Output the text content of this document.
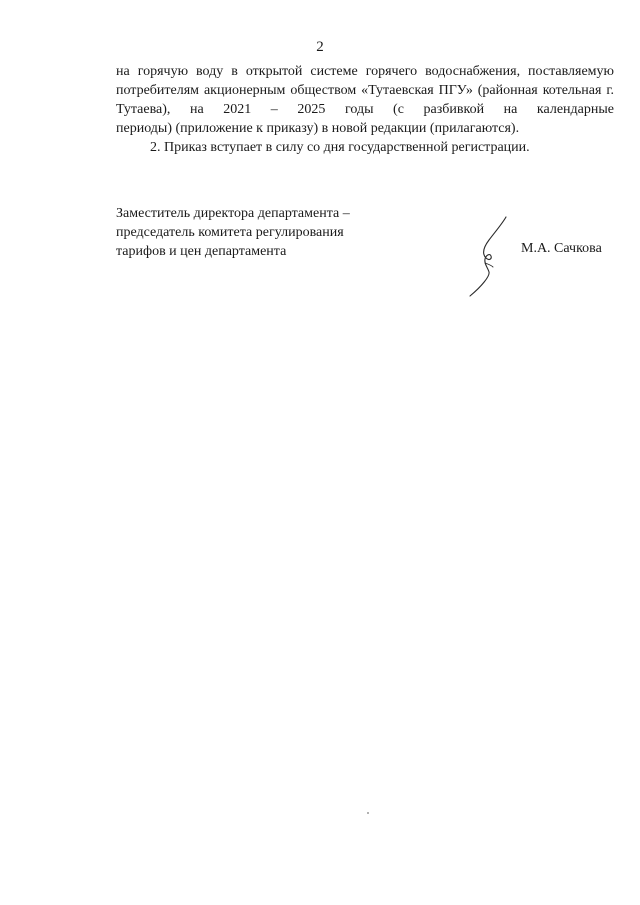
2

на горячую воду в открытой системе горячего водоснабжения, поставляемую потребителям акционерным обществом «Тутаевская ПГУ» (районная котельная г. Тутаева), на 2021 – 2025 годы (с разбивкой на календарные периоды) (приложение к приказу) в новой редакции (прилагаются).

2. Приказ вступает в силу со дня государственной регистрации.

Заместитель директора департамента –
председатель комитета регулирования
тарифов и цен департамента	М.А. Сачкова
